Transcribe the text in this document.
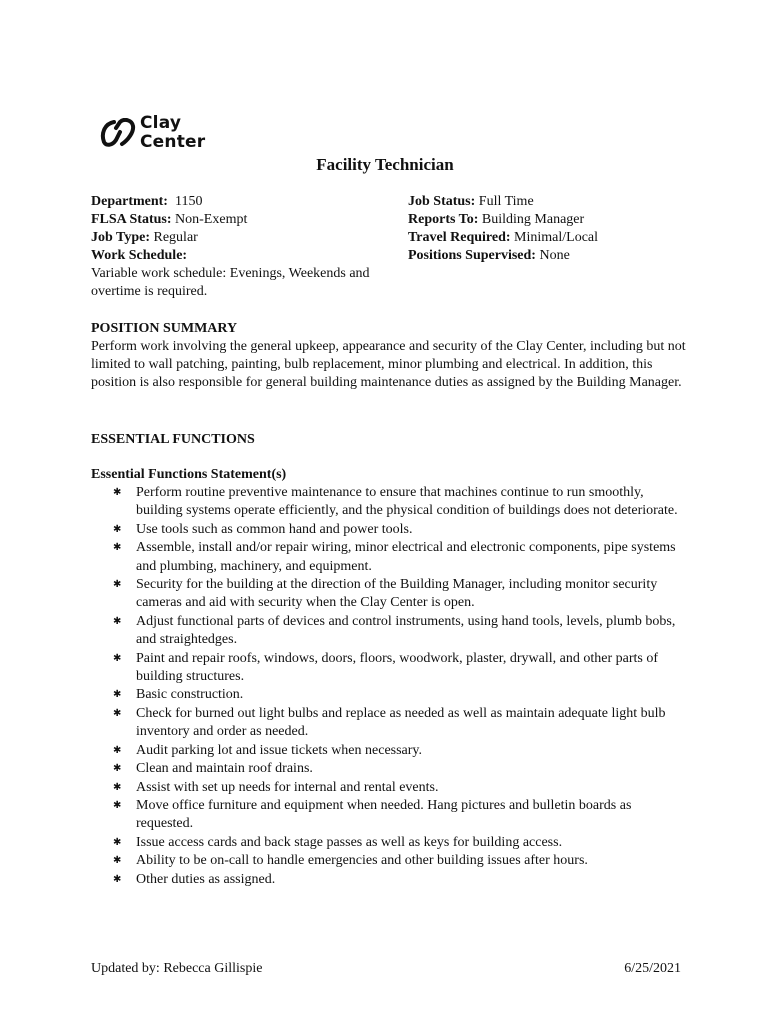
Clay
Center
Facility Technician
Department: 1150
FLSA Status: Non-Exempt
Job Type: Regular
Work Schedule:
Variable work schedule: Evenings, Weekends and overtime is required.
Job Status: Full Time
Reports To: Building Manager
Travel Required: Minimal/Local
Positions Supervised: None
POSITION SUMMARY

Perform work involving the general upkeep, appearance and security of the Clay Center, including but not limited to wall patching, painting, bulb replacement, minor plumbing and electrical. In addition, this position is also responsible for general building maintenance duties as assigned by the Building Manager.

ESSENTIAL FUNCTIONS
Essential Functions Statement(s)
✱ Perform routine preventive maintenance to ensure that machines continue to run smoothly, building systems operate efficiently, and the physical condition of buildings does not deteriorate.
✱ Use tools such as common hand and power tools.
✱ Assemble, install and/or repair wiring, minor electrical and electronic components, pipe systems and plumbing, machinery, and equipment.
✱ Security for the building at the direction of the Building Manager, including monitor security cameras and aid with security when the Clay Center is open.
✱ Adjust functional parts of devices and control instruments, using hand tools, levels, plumb bobs, and straightedges.
✱ Paint and repair roofs, windows, doors, floors, woodwork, plaster, drywall, and other parts of building structures.
✱ Basic construction.
✱ Check for burned out light bulbs and replace as needed as well as maintain adequate light bulb inventory and order as needed.
✱ Audit parking lot and issue tickets when necessary.
✱ Clean and maintain roof drains.
✱ Assist with set up needs for internal and rental events.
✱ Move office furniture and equipment when needed. Hang pictures and bulletin boards as requested.
✱ Issue access cards and back stage passes as well as keys for building access.
✱ Ability to be on-call to handle emergencies and other building issues after hours.
✱ Other duties as assigned.
Updated by: Rebecca Gillispie	6/25/2021
